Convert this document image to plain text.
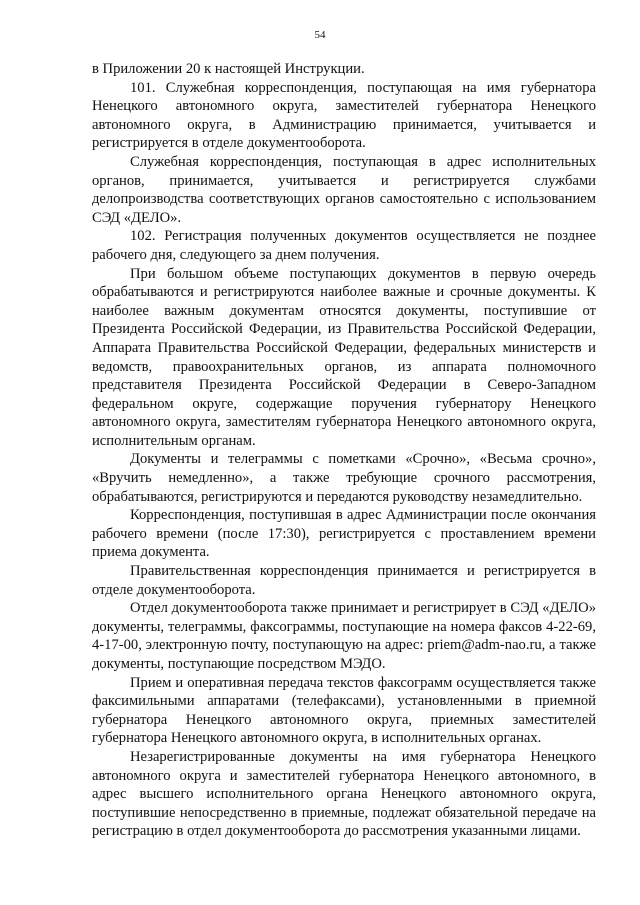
54

в Приложении 20 к настоящей Инструкции.

101. Служебная корреспонденция, поступающая на имя губернатора Ненецкого автономного округа, заместителей губернатора Ненецкого автономного округа, в Администрацию принимается, учитывается и регистрируется в отделе документооборота.

Служебная корреспонденция, поступающая в адрес исполнительных органов, принимается, учитывается и регистрируется службами делопроизводства соответствующих органов самостоятельно с использованием СЭД «ДЕЛО».

102. Регистрация полученных документов осуществляется не позднее рабочего дня, следующего за днем получения.

При большом объеме поступающих документов в первую очередь обрабатываются и регистрируются наиболее важные и срочные документы. К наиболее важным документам относятся документы, поступившие от Президента Российской Федерации, из Правительства Российской Федерации, Аппарата Правительства Российской Федерации, федеральных министерств и ведомств, правоохранительных органов, из аппарата полномочного представителя Президента Российской Федерации в Северо-Западном федеральном округе, содержащие поручения губернатору Ненецкого автономного округа, заместителям губернатора Ненецкого автономного округа, исполнительным органам.

Документы и телеграммы с пометками «Срочно», «Весьма срочно», «Вручить немедленно», а также требующие срочного рассмотрения, обрабатываются, регистрируются и передаются руководству незамедлительно.

Корреспонденция, поступившая в адрес Администрации после окончания рабочего времени (после 17:30), регистрируется с проставлением времени приема документа.

Правительственная корреспонденция принимается и регистрируется в отделе документооборота.

Отдел документооборота также принимает и регистрирует в СЭД «ДЕЛО» документы, телеграммы, факсограммы, поступающие на номера факсов 4-22-69, 4-17-00, электронную почту, поступающую на адрес: priem@adm-nao.ru, а также документы, поступающие посредством МЭДО.

Прием и оперативная передача текстов факсограмм осуществляется также факсимильными аппаратами (телефаксами), установленными в приемной губернатора Ненецкого автономного округа, приемных заместителей губернатора Ненецкого автономного округа, в исполнительных органах.

Незарегистрированные документы на имя губернатора Ненецкого автономного округа и заместителей губернатора Ненецкого автономного, в адрес высшего исполнительного органа Ненецкого автономного округа, поступившие непосредственно в приемные, подлежат обязательной передаче на регистрацию в отдел документооборота до рассмотрения указанными лицами.
